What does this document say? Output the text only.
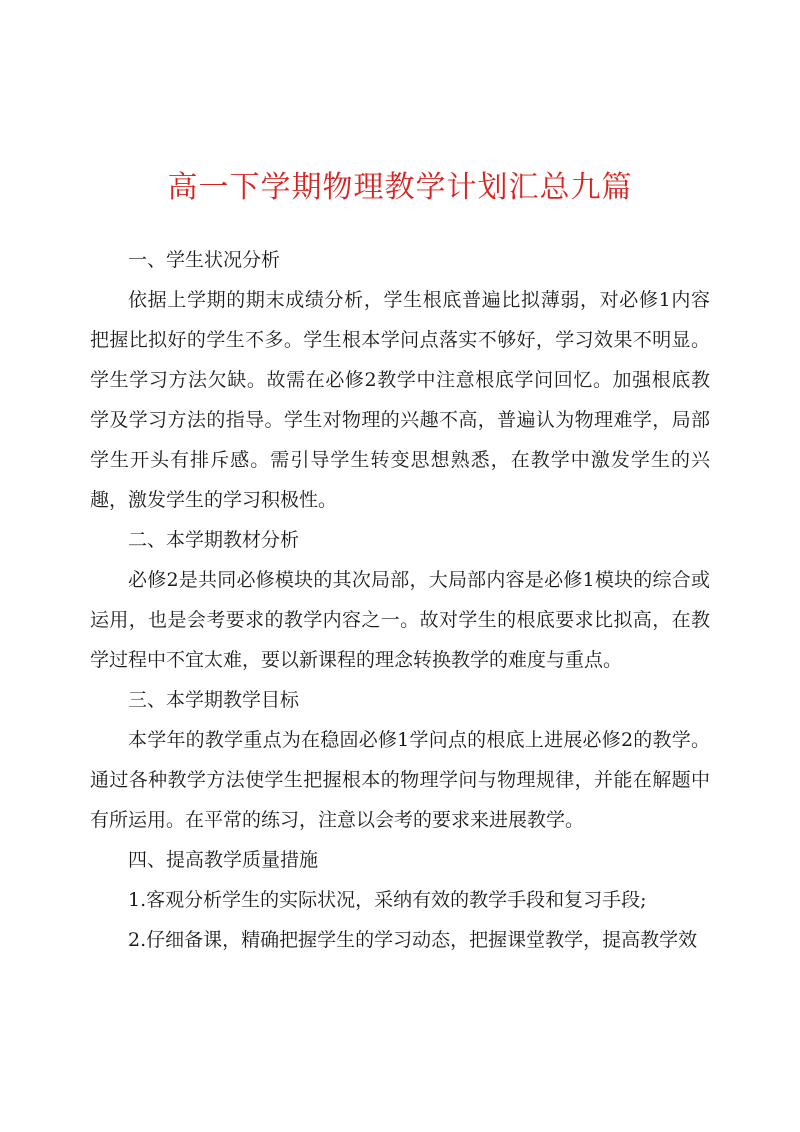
高一下学期物理教学计划汇总九篇

一、学生状况分析

依据上学期的期末成绩分析，学生根底普遍比拟薄弱，对必修1内容把握比拟好的学生不多。学生根本学问点落实不够好，学习效果不明显。学生学习方法欠缺。故需在必修2教学中注意根底学问回忆。加强根底教学及学习方法的指导。学生对物理的兴趣不高，普遍认为物理难学，局部学生开头有排斥感。需引导学生转变思想熟悉，在教学中激发学生的兴趣，激发学生的学习积极性。

二、本学期教材分析

必修2是共同必修模块的其次局部，大局部内容是必修1模块的综合或运用，也是会考要求的教学内容之一。故对学生的根底要求比拟高，在教学过程中不宜太难，要以新课程的理念转换教学的难度与重点。

三、本学期教学目标

本学年的教学重点为在稳固必修1学问点的根底上进展必修2的教学。通过各种教学方法使学生把握根本的物理学问与物理规律，并能在解题中有所运用。在平常的练习，注意以会考的要求来进展教学。

四、提高教学质量措施

1.客观分析学生的实际状况，采纳有效的教学手段和复习手段;

2.仔细备课，精确把握学生的学习动态，把握课堂教学，提高教学效
